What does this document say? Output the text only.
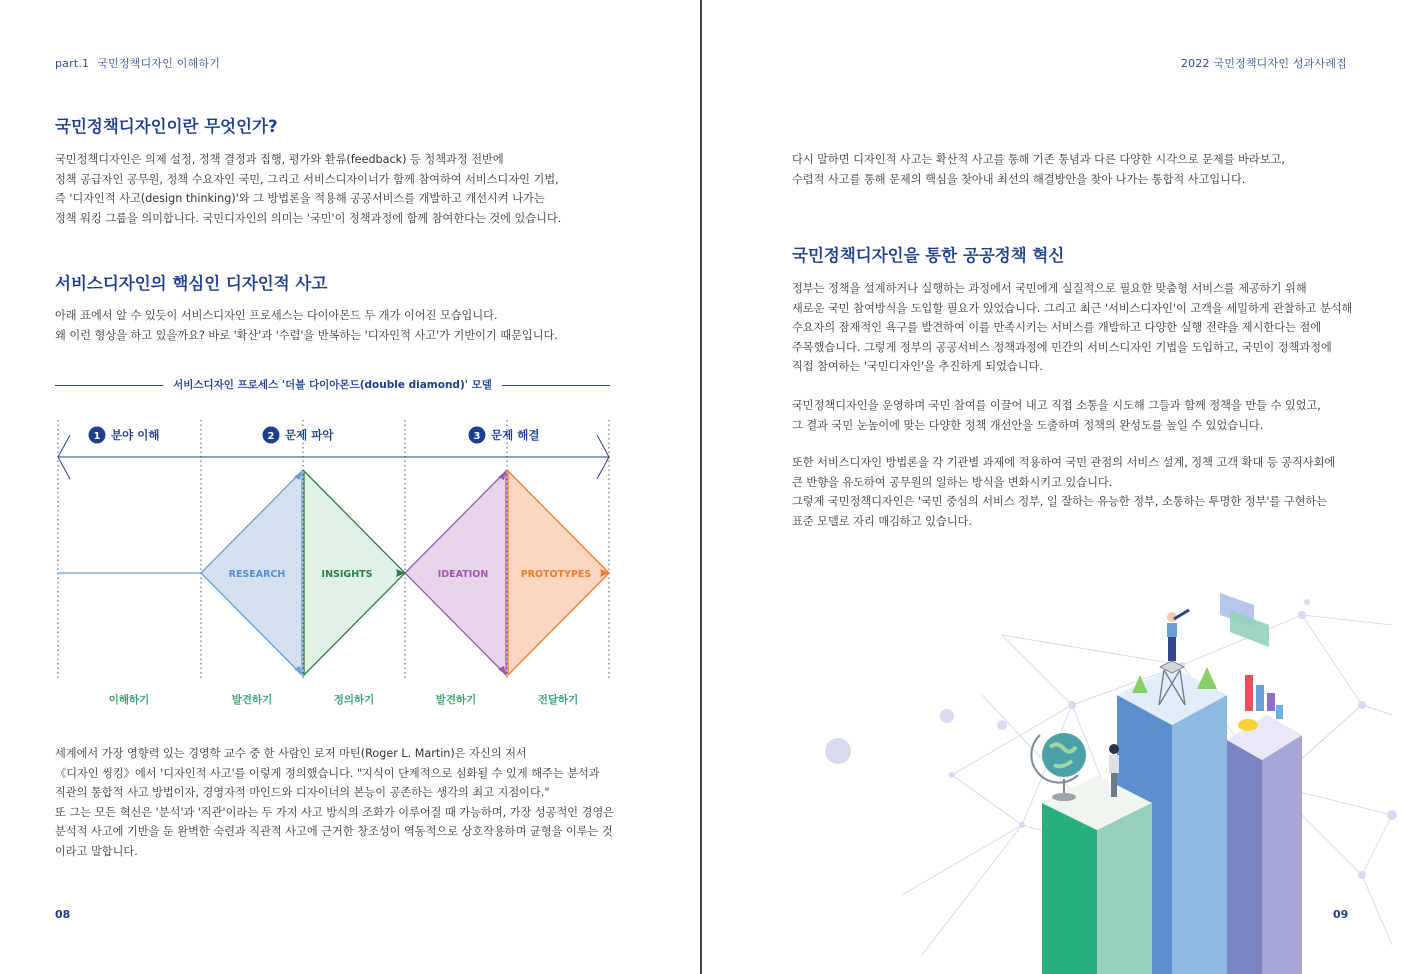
part.1 국민정책디자인 이해하기
국민정책디자인이란 무엇인가?
국민정책디자인은 의제 설정, 정책 결정과 집행, 평가와 환류(feedback) 등 정책과정 전반에
정책 공급자인 공무원, 정책 수요자인 국민, 그리고 서비스디자이너가 함께 참여하여 서비스디자인 기법,
즉 '디자인적 사고(design thinking)'와 그 방법론을 적용해 공공서비스를 개발하고 개선시켜 나가는
정책 워킹 그룹을 의미합니다. 국민디자인의 의미는 '국민'이 정책과정에 함께 참여한다는 것에 있습니다.
서비스디자인의 핵심인 디자인적 사고
아래 표에서 알 수 있듯이 서비스디자인 프로세스는 다이아몬드 두 개가 이어진 모습입니다.
왜 이런 형상을 하고 있을까요? 바로 '확산'과 '수렴'을 반복하는 '디자인적 사고'가 기반이기 때문입니다.
서비스디자인 프로세스 '더블 다이아몬드(double diamond)' 모델
1 분야 이해	2 문제 파악	3 문제 해결
RESEARCH	INSIGHTS	IDEATION	PROTOTYPES
이해하기	발견하기	정의하기	발견하기	전달하기
세계에서 가장 영향력 있는 경영학 교수 중 한 사람인 로저 마틴(Roger L. Martin)은 자신의 저서
《디자인 씽킹》에서 '디자인적 사고'를 이렇게 정의했습니다. "지식이 단계적으로 심화될 수 있게 해주는 분석과
직관의 통합적 사고 방법이자, 경영자적 마인드와 디자이너의 본능이 공존하는 생각의 최고 지점이다."
또 그는 모든 혁신은 '분석'과 '직관'이라는 두 가지 사고 방식의 조화가 이루어질 때 가능하며, 가장 성공적인 경영은
분석적 사고에 기반을 둔 완벽한 숙련과 직관적 사고에 근거한 창조성이 역동적으로 상호작용하며 균형을 이루는 것
이라고 말합니다.
08
2022 국민정책디자인 성과사례집
다시 말하면 디자인적 사고는 확산적 사고를 통해 기존 통념과 다른 다양한 시각으로 문제를 바라보고,
수렴적 사고를 통해 문제의 핵심을 찾아내 최선의 해결방안을 찾아 나가는 통합적 사고입니다.
국민정책디자인을 통한 공공정책 혁신
정부는 정책을 설계하거나 실행하는 과정에서 국민에게 실질적으로 필요한 맞춤형 서비스를 제공하기 위해
새로운 국민 참여방식을 도입할 필요가 있었습니다. 그리고 최근 '서비스디자인'이 고객을 세밀하게 관찰하고 분석해
수요자의 잠재적인 욕구를 발견하여 이를 만족시키는 서비스를 개발하고 다양한 실행 전략을 제시한다는 점에
주목했습니다. 그렇게 정부의 공공서비스 정책과정에 민간의 서비스디자인 기법을 도입하고, 국민이 정책과정에
직접 참여하는 '국민디자인'을 추진하게 되었습니다.
국민정책디자인을 운영하며 국민 참여를 이끌어 내고 직접 소통을 시도해 그들과 함께 정책을 만들 수 있었고,
그 결과 국민 눈높이에 맞는 다양한 정책 개선안을 도출하며 정책의 완성도를 높일 수 있었습니다.
또한 서비스디자인 방법론을 각 기관별 과제에 적용하여 국민 관점의 서비스 설계, 정책 고객 확대 등 공직사회에
큰 반향을 유도하여 공무원의 일하는 방식을 변화시키고 있습니다.
그렇게 국민정책디자인은 '국민 중심의 서비스 정부, 일 잘하는 유능한 정부, 소통하는 투명한 정부'를 구현하는
표준 모델로 자리 매김하고 있습니다.
09
